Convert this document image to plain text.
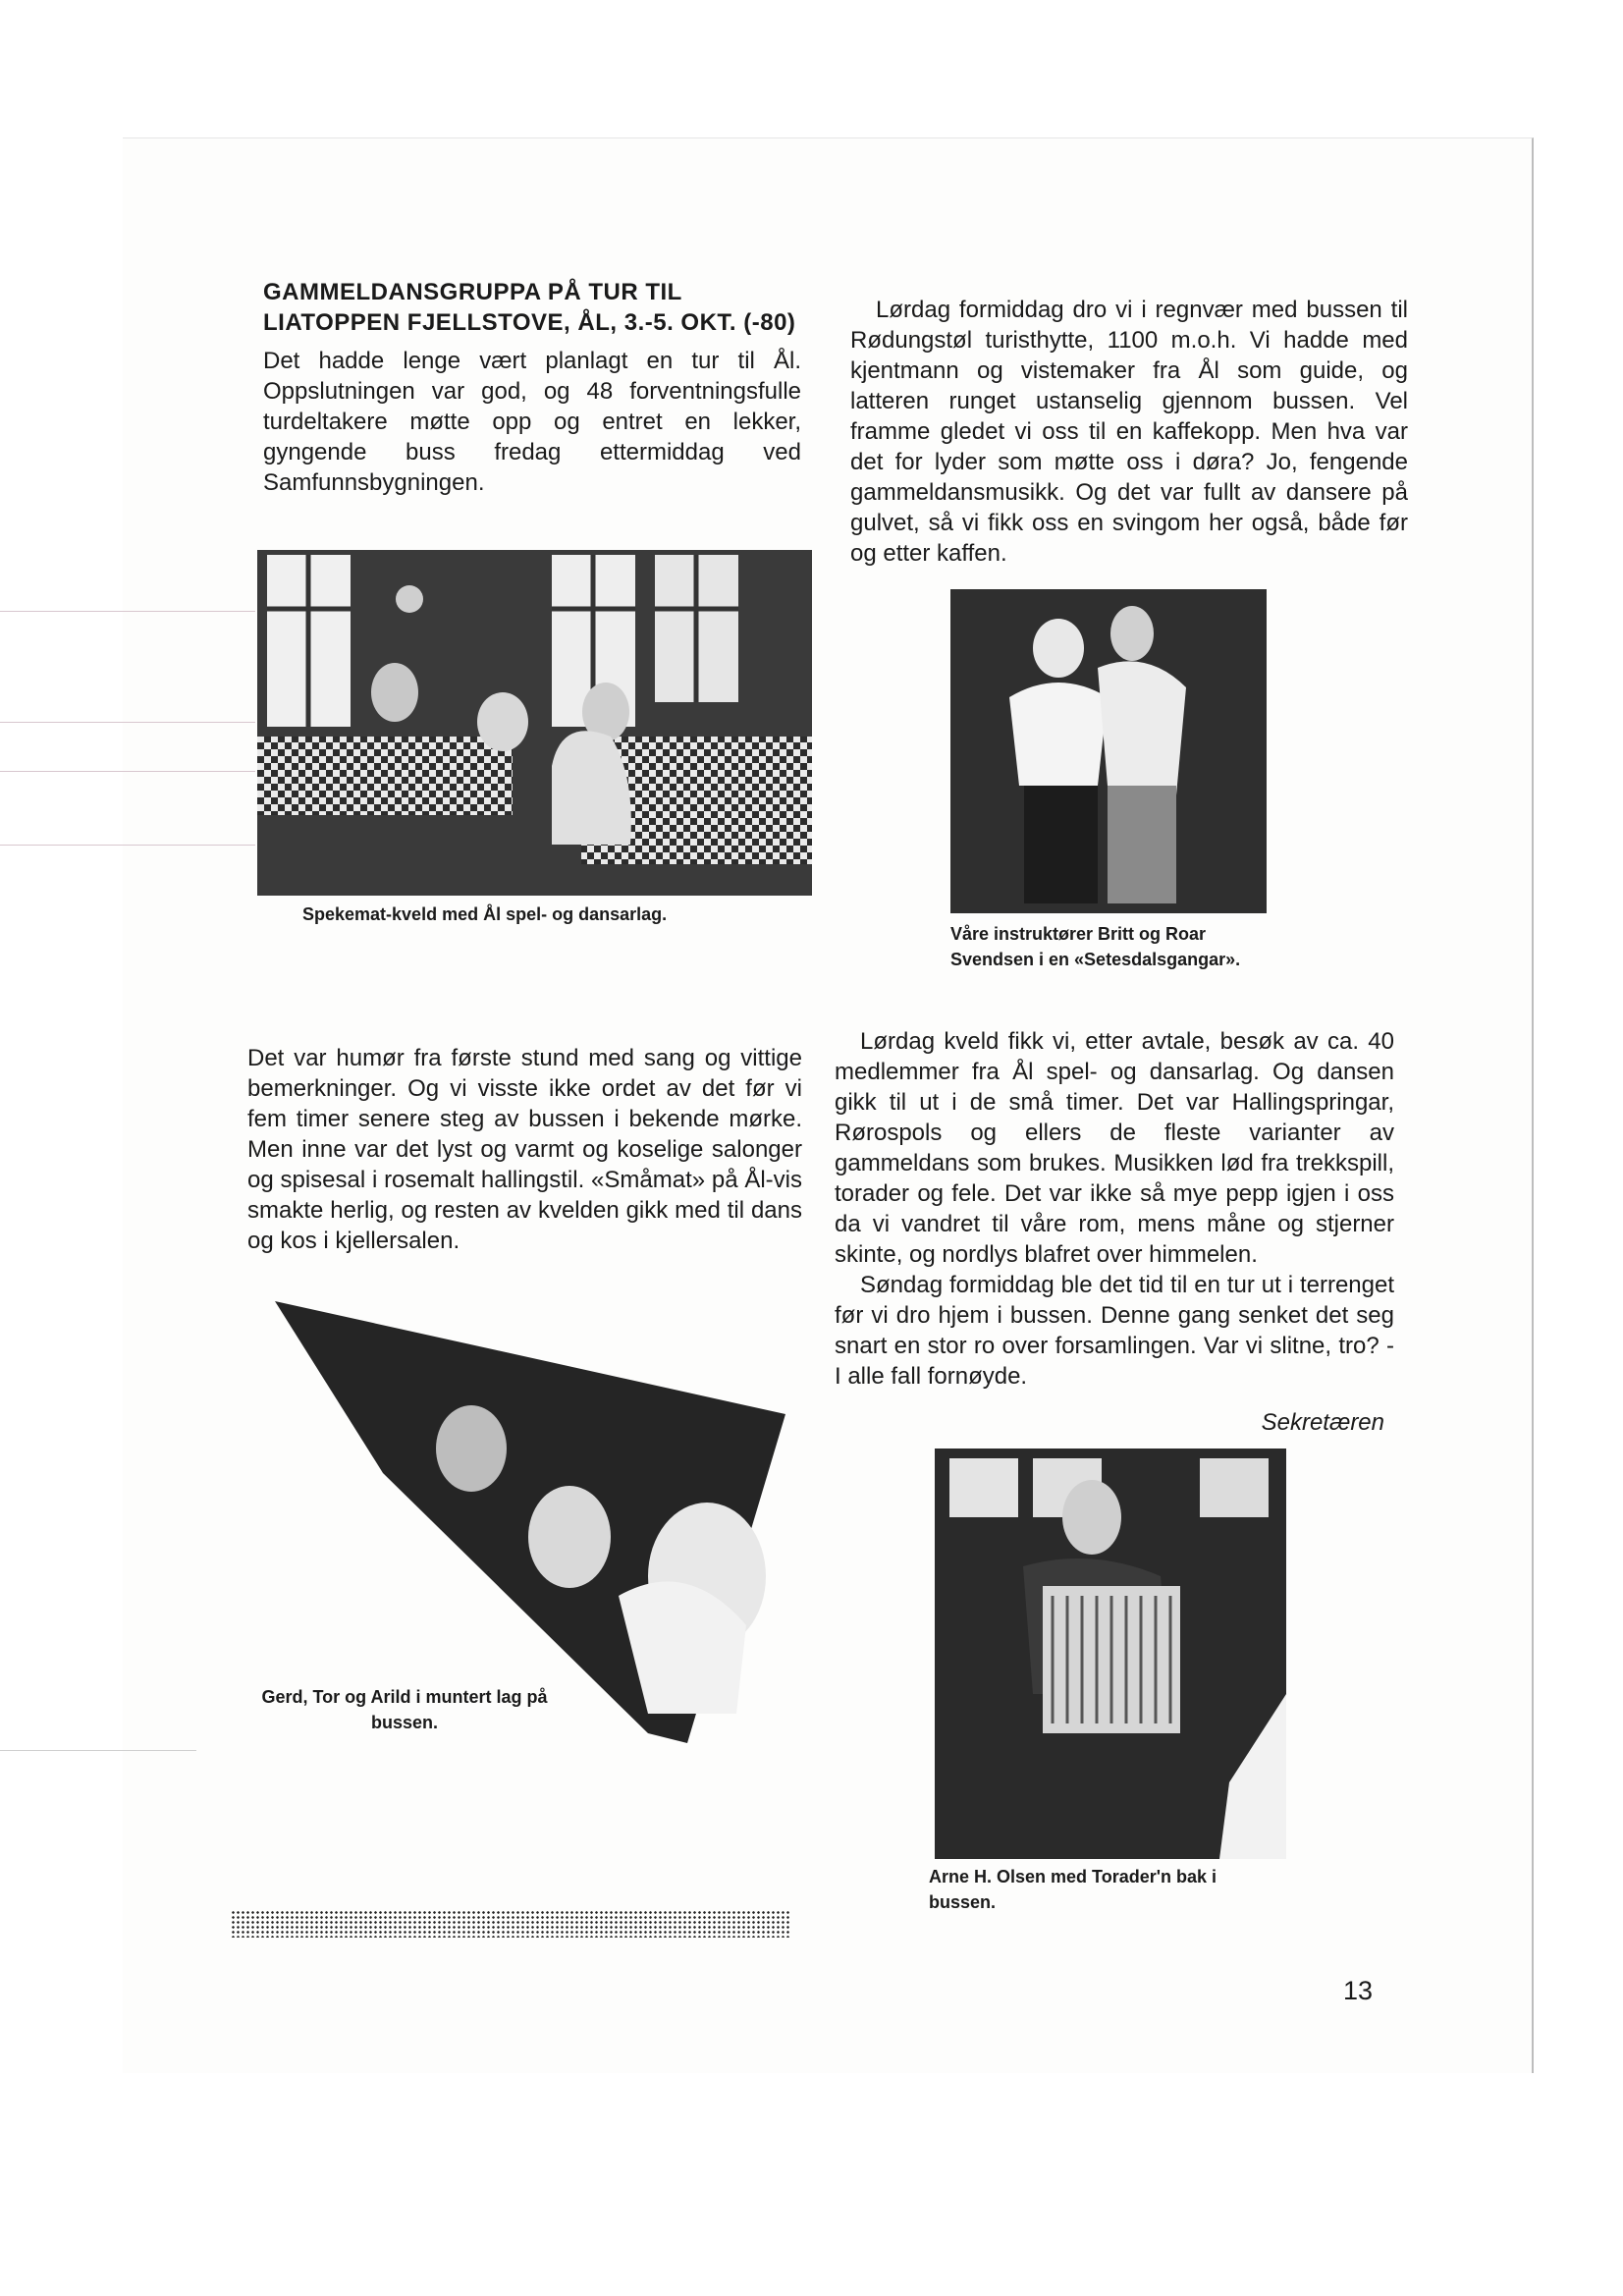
GAMMELDANSGRUPPA PÅ TUR TIL
LIATOPPEN FJELLSTOVE, ÅL, 3.-5. OKT. (-80)

Det hadde lenge vært planlagt en tur til Ål. Oppslutningen var god, og 48 forventningsfulle turdeltakere møtte opp og entret en lekker, gyngende buss fredag ettermiddag ved Samfunnsbygningen.

Spekemat-kveld med Ål spel- og dansarlag.

Det var humør fra første stund med sang og vittige bemerkninger. Og vi visste ikke ordet av det før vi fem timer senere steg av bussen i bekende mørke. Men inne var det lyst og varmt og koselige salonger og spisesal i rosemalt hallingstil. «Småmat» på Ål-vis smakte herlig, og resten av kvelden gikk med til dans og kos i kjellersalen.

Gerd, Tor og Arild i muntert lag på bussen.

Lørdag formiddag dro vi i regnvær med bussen til Rødungstøl turisthytte, 1100 m.o.h. Vi hadde med kjentmann og vistemaker fra Ål som guide, og latteren runget ustanselig gjennom bussen. Vel framme gledet vi oss til en kaffekopp. Men hva var det for lyder som møtte oss i døra? Jo, fengende gammeldansmusikk. Og det var fullt av dansere på gulvet, så vi fikk oss en svingom her også, både før og etter kaffen.

Våre instruktører Britt og Roar Svendsen i en «Setesdalsgangar».

Lørdag kveld fikk vi, etter avtale, besøk av ca. 40 medlemmer fra Ål spel- og dansarlag. Og dansen gikk til ut i de små timer. Det var Hallingspringar, Rørospols og ellers de fleste varianter av gammeldans som brukes. Musikken lød fra trekkspill, torader og fele. Det var ikke så mye pepp igjen i oss da vi vandret til våre rom, mens måne og stjerner skinte, og nordlys blafret over himmelen.

Søndag formiddag ble det tid til en tur ut i terrenget før vi dro hjem i bussen. Denne gang senket det seg snart en stor ro over forsamlingen. Var vi slitne, tro? - I alle fall fornøyde.

Sekretæren
Arne H. Olsen med Torader'n bak i bussen.
13
